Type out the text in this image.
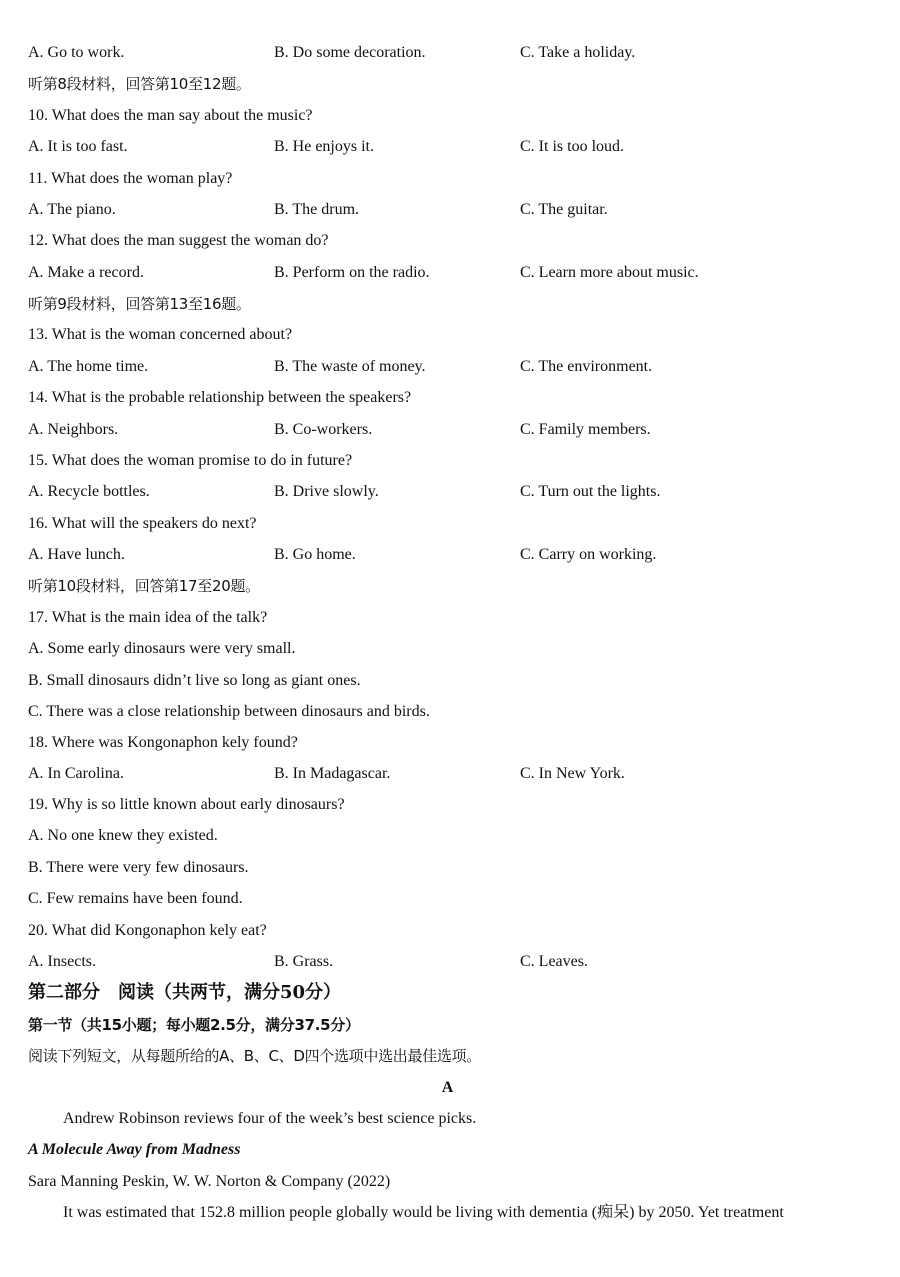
A. Go to work.	B. Do some decoration.	C. Take a holiday.
听第8段材料，回答第10至12题。
10. What does the man say about the music?
A. It is too fast.	B. He enjoys it.	C. It is too loud.
11. What does the woman play?
A. The piano.	B. The drum.	C. The guitar.
12. What does the man suggest the woman do?
A. Make a record.	B. Perform on the radio.	C. Learn more about music.
听第9段材料，回答第13至16题。
13. What is the woman concerned about?
A. The home time.	B. The waste of money.	C. The environment.
14. What is the probable relationship between the speakers?
A. Neighbors.	B. Co-workers.	C. Family members.
15. What does the woman promise to do in future?
A. Recycle bottles.	B. Drive slowly.	C. Turn out the lights.
16. What will the speakers do next?
A. Have lunch.	B. Go home.	C. Carry on working.
听第10段材料，回答第17至20题。
17. What is the main idea of the talk?
A. Some early dinosaurs were very small.
B. Small dinosaurs didn’t live so long as giant ones.
C. There was a close relationship between dinosaurs and birds.
18. Where was Kongonaphon kely found?
A. In Carolina.	B. In Madagascar.	C. In New York.
19. Why is so little known about early dinosaurs?
A. No one knew they existed.
B. There were very few dinosaurs.
C. Few remains have been found.
20. What did Kongonaphon kely eat?
A. Insects.	B. Grass.	C. Leaves.
第二部分　阅读（共两节，满分50分）
第一节（共15小题；每小题2.5分，满分37.5分）
阅读下列短文，从每题所给的A、B、C、D四个选项中选出最佳选项。
A
Andrew Robinson reviews four of the week’s best science picks.
A Molecule Away from Madness
Sara Manning Peskin, W. W. Norton & Company (2022)
It was estimated that 152.8 million people globally would be living with dementia (痴呆) by 2050. Yet treatment
